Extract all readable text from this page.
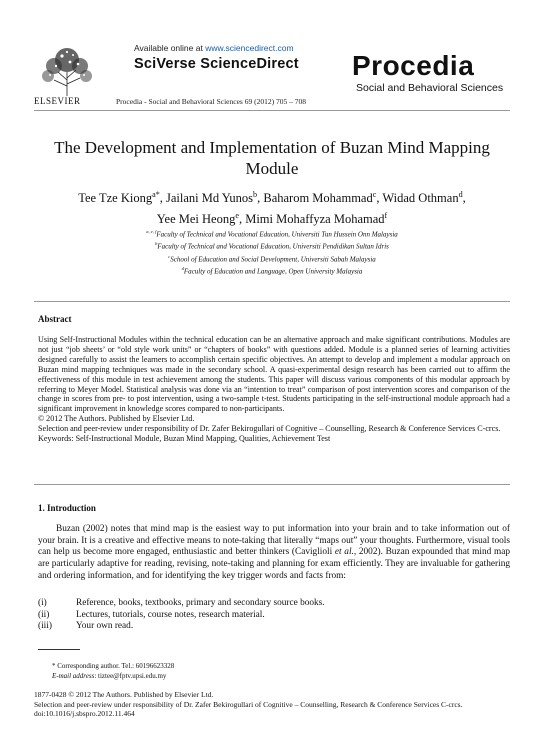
ELSEVIER
Available online at www.sciencedirect.com
SciVerse ScienceDirect
Procedia - Social and Behavioral Sciences 69 (2012) 705 – 708
Procedia
Social and Behavioral Sciences
The Development and Implementation of Buzan Mind Mapping Module
Tee Tze Kiong$^{a*}$, Jailani Md Yunos$^b$, Baharom Mohammad$^c$, Widad Othman$^d$,
Yee Mei Heong$^e$, Mimi Mohaffyza Mohamad$^f$
$^{a, e, f}$Faculty of Technical and Vocational Education, Universiti Tun Hussein Onn Malaysia
$^b$Faculty of Technical and Vocational Education, Universiti Pendidikan Sultan Idris
$^c$School of Education and Social Development, Universiti Sabah Malaysia
$^d$Faculty of Education and Language, Open University Malaysia
Abstract
Using Self-Instructional Modules within the technical education can be an alternative approach and make significant contributions. Modules are not just “job sheets’ or “old style work units” or “chapters of books” with questions added. Module is a planned series of learning activities designed carefully to assist the learners to accomplish certain specific objectives. An attempt to develop and implement a modular approach on Buzan mind mapping techniques was made in the secondary school. A quasi-experimental design research has been carried out to affirm the effectiveness of this module in test achievement among the students. This paper will discuss various components of this modular approach by referring to Meyer Model. Statistical analysis was done via an “intention to treat” comparison of post intervention scores and comparison of the change in scores from pre- to post intervention, using a two-sample t-test. Students participating in the self-instructional module approach had a significant improvement in knowledge scores compared to non-participants.
© 2012 The Authors. Published by Elsevier Ltd.
Selection and peer-review under responsibility of Dr. Zafer Bekirogullari of Cognitive – Counselling, Research & Conference Services C-crcs.
Keywords: Self-Instructional Module, Buzan Mind Mapping, Qualities, Achievement Test
1. Introduction
Buzan (2002) notes that mind map is the easiest way to put information into your brain and to take information out of your brain. It is a creative and effective means to note-taking that literally “maps out” your thoughts. Furthermore, visual tools can help us become more engaged, enthusiastic and better thinkers (Caviglioli et al., 2002). Buzan expounded that mind map are particularly adaptive for reading, revising, note-taking and planning for exam efficiently. They are invaluable for gathering and ordering information, and for identifying the key trigger words and facts from:
(i)	Reference, books, textbooks, primary and secondary source books.
(ii)	Lectures, tutorials, course notes, research material.
(iii)	Your own read.
* Corresponding author. Tel.: 60196623328
E-mail address: tiztee@fptv.upsi.edu.my
1877-0428 © 2012 The Authors. Published by Elsevier Ltd.
Selection and peer-review under responsibility of Dr. Zafer Bekirogullari of Cognitive – Counselling, Research & Conference Services C-crcs.
doi:10.1016/j.sbspro.2012.11.464
